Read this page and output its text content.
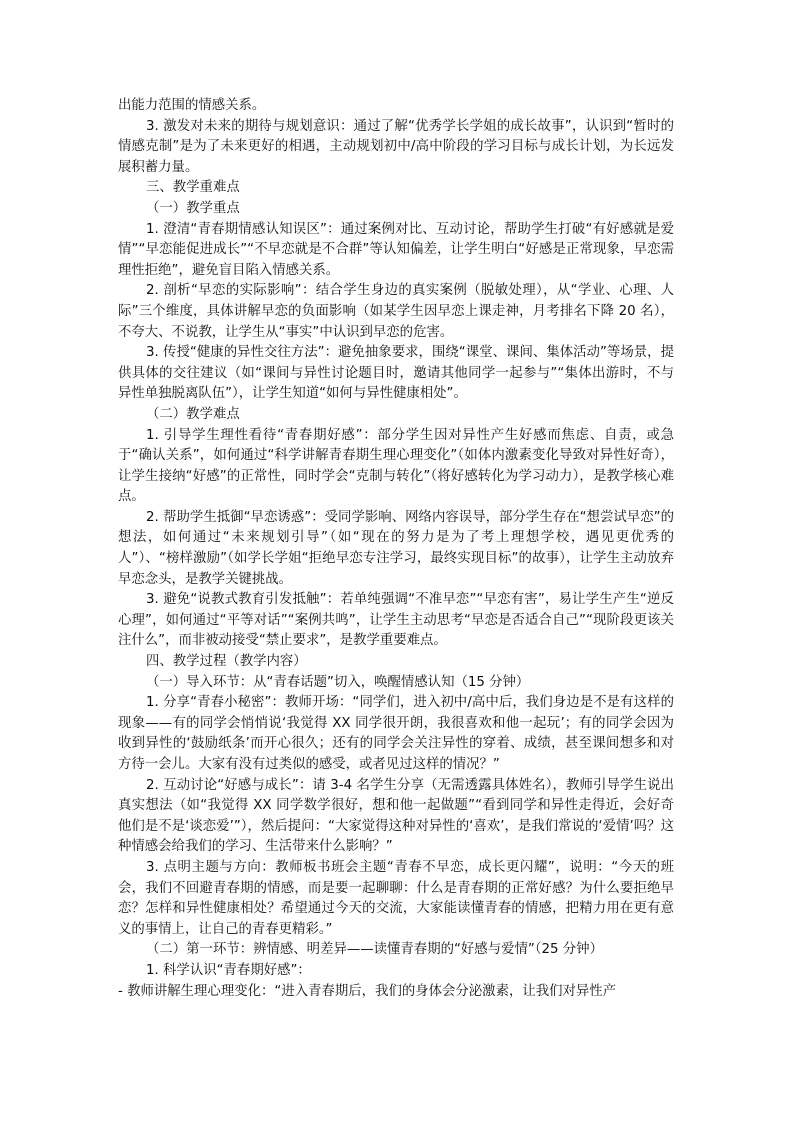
出能力范围的情感关系。

3. 激发对未来的期待与规划意识：通过了解“优秀学长学姐的成长故事”，认识到“暂时的情感克制”是为了未来更好的相遇，主动规划初中/高中阶段的学习目标与成长计划，为长远发展积蓄力量。

三、教学重难点

（一）教学重点

1. 澄清“青春期情感认知误区”：通过案例对比、互动讨论，帮助学生打破“有好感就是爱情”“早恋能促进成长”“不早恋就是不合群”等认知偏差，让学生明白“好感是正常现象，早恋需理性拒绝”，避免盲目陷入情感关系。

2. 剖析“早恋的实际影响”：结合学生身边的真实案例（脱敏处理），从“学业、心理、人际”三个维度，具体讲解早恋的负面影响（如某学生因早恋上课走神，月考排名下降 20 名），不夸大、不说教，让学生从“事实”中认识到早恋的危害。

3. 传授“健康的异性交往方法”：避免抽象要求，围绕“课堂、课间、集体活动”等场景，提供具体的交往建议（如“课间与异性讨论题目时，邀请其他同学一起参与”“集体出游时，不与异性单独脱离队伍”），让学生知道“如何与异性健康相处”。

（二）教学难点

1. 引导学生理性看待“青春期好感”：部分学生因对异性产生好感而焦虑、自责，或急于“确认关系”，如何通过“科学讲解青春期生理心理变化”（如体内激素变化导致对异性好奇），让学生接纳“好感”的正常性，同时学会“克制与转化”（将好感转化为学习动力），是教学核心难点。

2. 帮助学生抵御“早恋诱惑”：受同学影响、网络内容误导，部分学生存在“想尝试早恋”的想法，如何通过“未来规划引导”（如“现在的努力是为了考上理想学校，遇见更优秀的人”）、“榜样激励”（如学长学姐“拒绝早恋专注学习，最终实现目标”的故事），让学生主动放弃早恋念头，是教学关键挑战。

3. 避免“说教式教育引发抵触”：若单纯强调“不准早恋”“早恋有害”，易让学生产生“逆反心理”，如何通过“平等对话”“案例共鸣”，让学生主动思考“早恋是否适合自己”“现阶段更该关注什么”，而非被动接受“禁止要求”，是教学重要难点。

四、教学过程（教学内容）

（一）导入环节：从“青春话题”切入，唤醒情感认知（15 分钟）

1. 分享“青春小秘密”：教师开场：“同学们，进入初中/高中后，我们身边是不是有这样的现象——有的同学会悄悄说‘我觉得 XX 同学很开朗，我很喜欢和他一起玩’；有的同学会因为收到异性的‘鼓励纸条’而开心很久；还有的同学会关注异性的穿着、成绩，甚至课间想多和对方待一会儿。大家有没有过类似的感受，或者见过这样的情况？”

2. 互动讨论“好感与成长”：请 3-4 名学生分享（无需透露具体姓名），教师引导学生说出真实想法（如“我觉得 XX 同学数学很好，想和他一起做题”“看到同学和异性走得近，会好奇他们是不是‘谈恋爱’”），然后提问：“大家觉得这种对异性的‘喜欢’，是我们常说的‘爱情’吗？这种情感会给我们的学习、生活带来什么影响？”

3. 点明主题与方向：教师板书班会主题“青春不早恋，成长更闪耀”，说明：“今天的班会，我们不回避青春期的情感，而是要一起聊聊：什么是青春期的正常好感？为什么要拒绝早恋？怎样和异性健康相处？希望通过今天的交流，大家能读懂青春的情感，把精力用在更有意义的事情上，让自己的青春更精彩。”

（二）第一环节：辨情感、明差异——读懂青春期的“好感与爱情”（25 分钟）

1. 科学认识“青春期好感”：

- 教师讲解生理心理变化：“进入青春期后，我们的身体会分泌激素，让我们对异性产
